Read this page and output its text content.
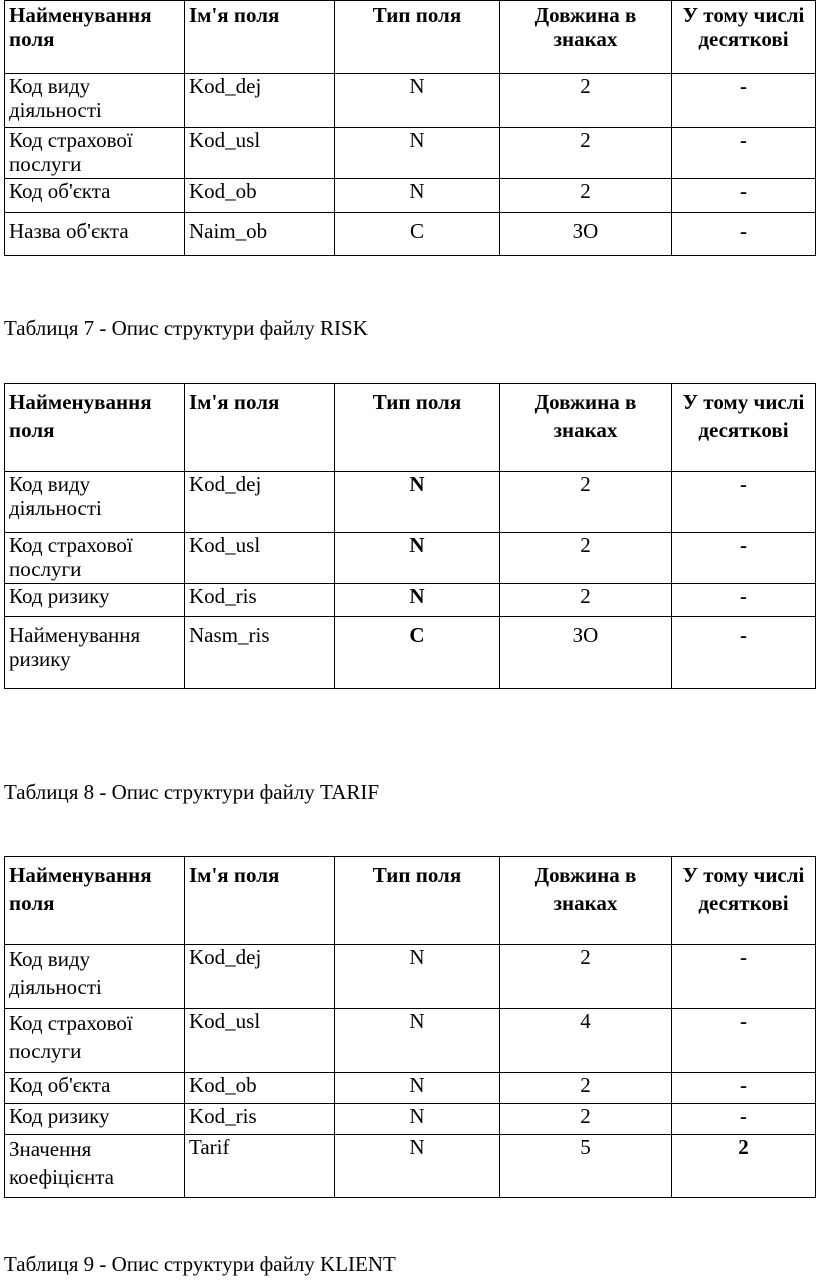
Найменування поля	Ім'я поля	Тип поля	Довжина в знаках	У тому числі десяткові
Код виду діяльності	Kod_dej	N	2	-
Код страхової послуги	Kod_usl	N	2	-
Код об'єкта	Kod_ob	N	2	-
Назва об'єкта	Naim_ob	C	ЗО	-
Таблиця 7 - Опис структури файлу RISK
Найменування поля	Ім'я поля	Тип поля	Довжина в знаках	У тому числі десяткові
Код виду діяльності	Kod_dej	N	2	-
Код страхової послуги	Kod_usl	N	2	-
Код ризику	Kod_ris	N	2	-
Найменування ризику	Nasm_ris	C	ЗО	-
Таблиця 8 - Опис структури файлу TARIF
Найменування поля	Ім'я поля	Тип поля	Довжина в знаках	У тому числі десяткові
Код виду діяльності	Kod_dej	N	2	-
Код страхової послуги	Kod_usl	N	4	-
Код об'єкта	Kod_ob	N	2	-
Код ризику	Kod_ris	N	2	-
Значення коефіцієнта	Tarif	N	5	2
Таблиця 9 - Опис структури файлу KLIENT
